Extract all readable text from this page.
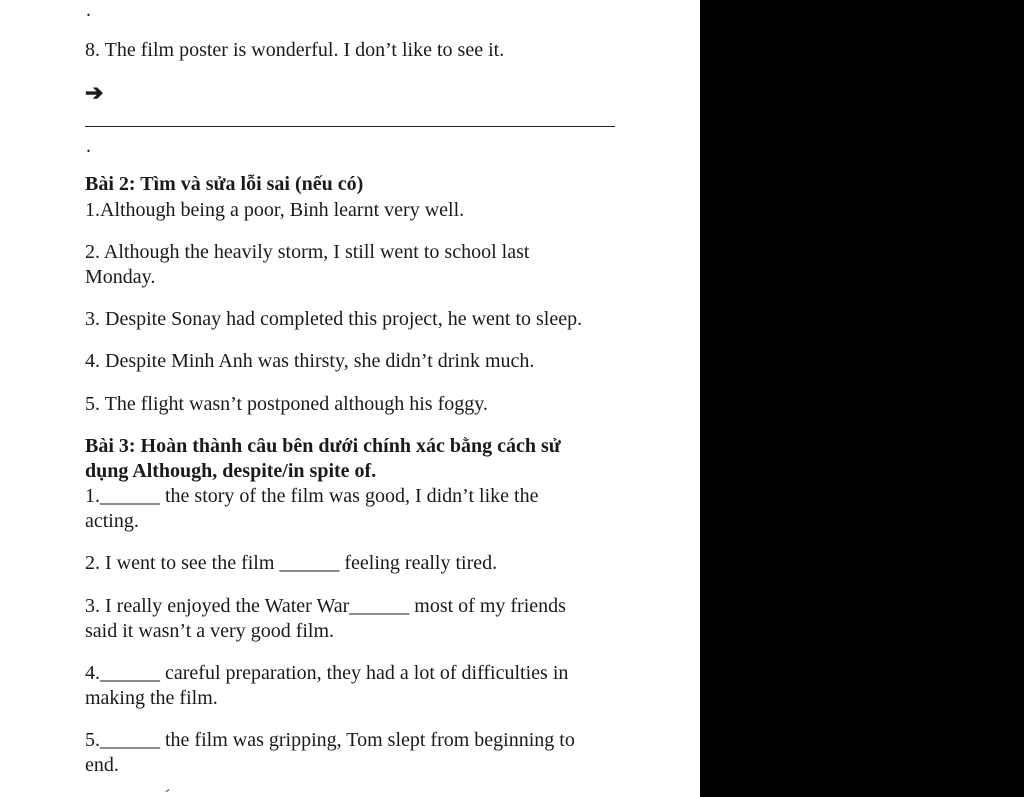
.
8. The film poster is wonderful. I don’t like to see it.
➔
.
Bài 2: Tìm và sửa lỗi sai (nếu có)
1.Although being a poor, Binh learnt very well.
2. Although the heavily storm, I still went to school last
Monday.
3. Despite Sonay had completed this project, he went to sleep.
4. Despite Minh Anh was thirsty, she didn’t drink much.
5. The flight wasn’t postponed although his foggy.
Bài 3: Hoàn thành câu bên dưới chính xác bằng cách sử
dụng Although, despite/in spite of.
1.______ the story of the film was good, I didn’t like the
acting.
2. I went to see the film ______ feeling really tired.
3. I really enjoyed the Water War______ most of my friends
said it wasn’t a very good film.
4.______ careful preparation, they had a lot of difficulties in
making the film.
5.______ the film was gripping, Tom slept from beginning to
end.
